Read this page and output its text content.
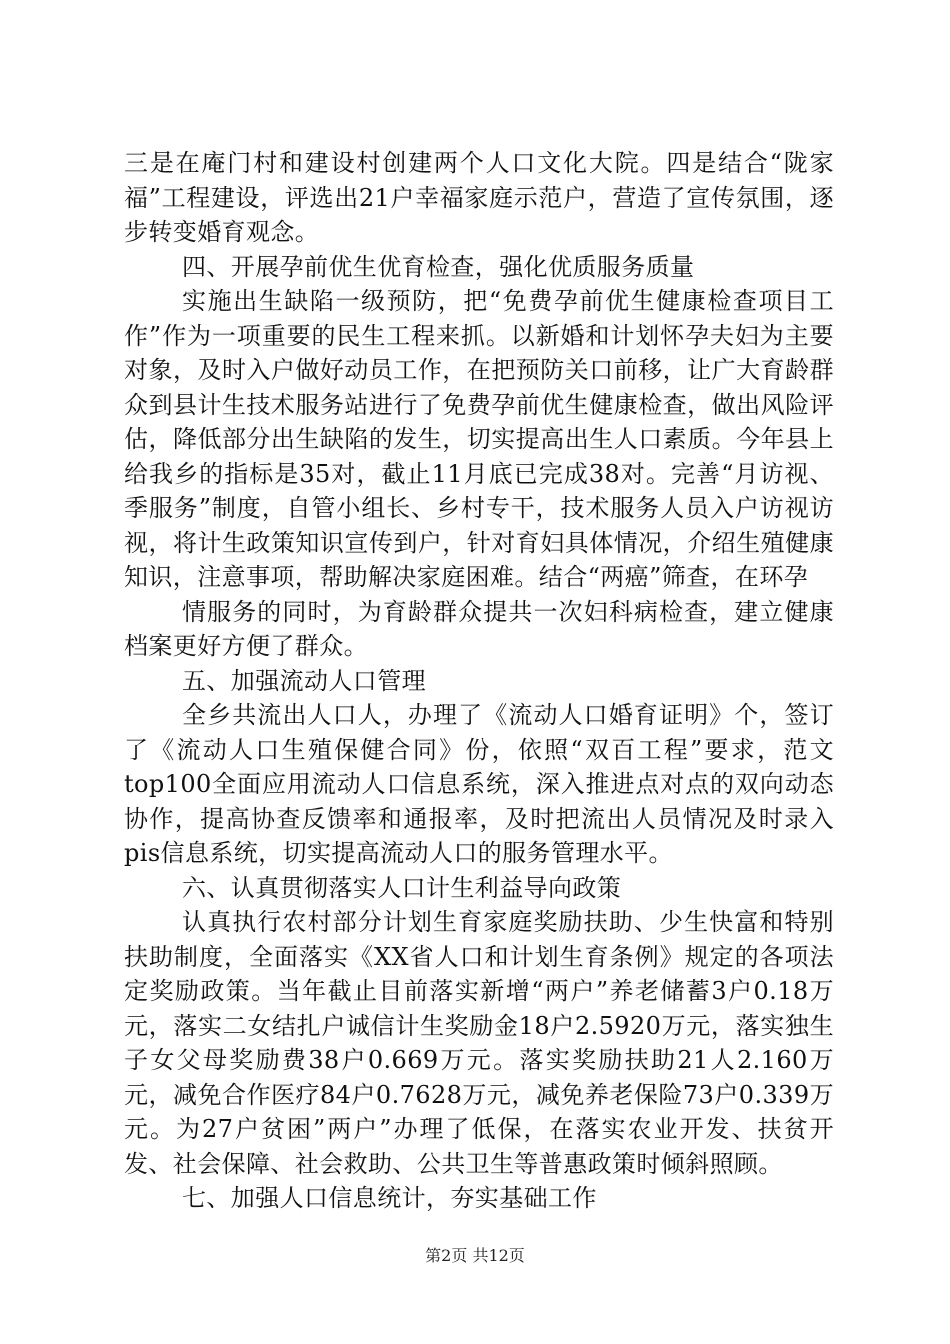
三是在庵门村和建设村创建两个人口文化大院。四是结合“陇家福”工程建设，评选出21户幸福家庭示范户，营造了宣传氛围，逐步转变婚育观念。

四、开展孕前优生优育检查，强化优质服务质量

实施出生缺陷一级预防，把“免费孕前优生健康检查项目工作”作为一项重要的民生工程来抓。以新婚和计划怀孕夫妇为主要对象，及时入户做好动员工作，在把预防关口前移，让广大育龄群众到县计生技术服务站进行了免费孕前优生健康检查，做出风险评估，降低部分出生缺陷的发生，切实提高出生人口素质。今年县上给我乡的指标是35对，截止11月底已完成38对。完善“月访视、季服务”制度，自管小组长、乡村专干，技术服务人员入户访视访视，将计生政策知识宣传到户，针对育妇具体情况，介绍生殖健康知识，注意事项，帮助解决家庭困难。结合“两癌”筛查，在环孕

情服务的同时，为育龄群众提共一次妇科病检查，建立健康档案更好方便了群众。

五、加强流动人口管理

全乡共流出人口人，办理了《流动人口婚育证明》个，签订了《流动人口生殖保健合同》份，依照“双百工程”要求，范文top100全面应用流动人口信息系统，深入推进点对点的双向动态协作，提高协查反馈率和通报率，及时把流出人员情况及时录入pis信息系统，切实提高流动人口的服务管理水平。

六、认真贯彻落实人口计生利益导向政策

认真执行农村部分计划生育家庭奖励扶助、少生快富和特别扶助制度，全面落实《XX省人口和计划生育条例》规定的各项法定奖励政策。当年截止目前落实新增“两户”养老储蓄3户0.18万元，落实二女结扎户诚信计生奖励金18户2.5920万元，落实独生子女父母奖励费38户0.669万元。落实奖励扶助21人2.160万元，减免合作医疗84户0.7628万元，减免养老保险73户0.339万元。为27户贫困”两户”办理了低保，在落实农业开发、扶贫开发、社会保障、社会救助、公共卫生等普惠政策时倾斜照顾。

七、加强人口信息统计，夯实基础工作

第2页 共12页
